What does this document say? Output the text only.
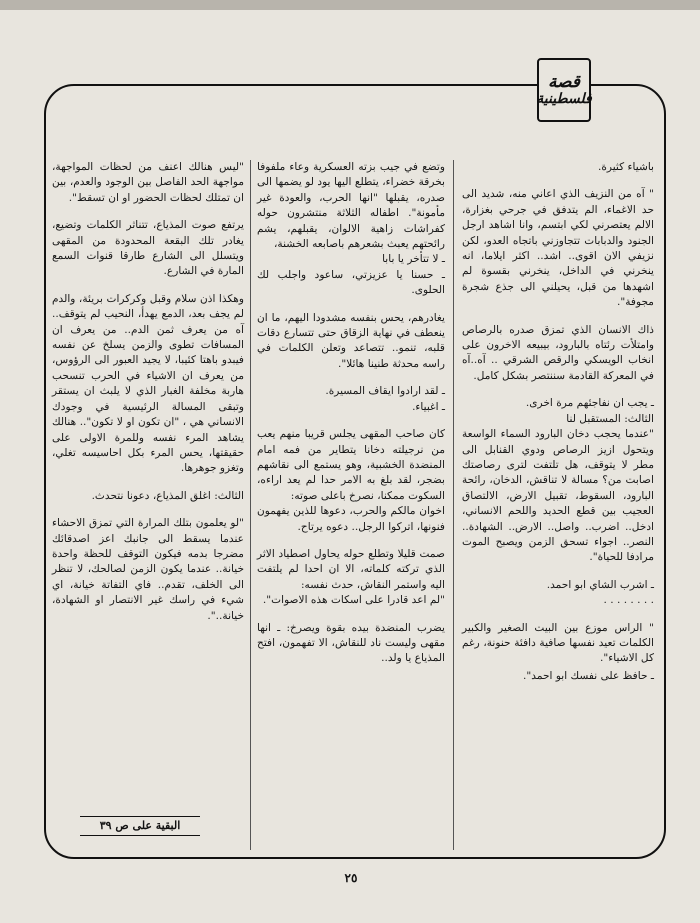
قصة
فلسطينية

باشياء كثيرة.

" آه من النزيف الذي اعاني منه، شديد الى حد الاغماء، الم يتدفق في جرحي بغزارة، الالم يعتصرني لكي ابتسم، وانا اشاهد ارجل الجنود والدبابات تتجاوزني باتجاه العدو، لكن نزيفي الان اقوى.. اشد.. اكثر ايلاما، انه ينخرني في الداخل، ينخرني بقسوة لم اشهدها من قبل، يحيلني الى جذع شجرة مجوفة".

ذاك الانسان الذي تمزق صدره بالرصاص وامتلأت رئتاه بالبارود، بيبيعه الاخرون على انخاب الويسكي والرقص الشرقي .. آه..آه في المعركة القادمة سننتصر بشكل كامل.

ـ يجب ان نفاجئهم مرة اخرى.

الثالث: المستقبل لنا

"عندما يحجب دخان البارود السماء الواسعة ويتحول ازيز الرصاص ودوي القنابل الى مطر لا يتوقف، هل تلتفت لترى رصاصتك اصابت من؟ مسالة لا تناقش، الدخان، رائحة البارود، السقوط، تقبيل الارض، الالتصاق العجيب بين قطع الحديد واللحم الانساني، ادخل.. اضرب.. واصل.. الارض.. الشهادة.. النصر.. اجواء تسحق الزمن ويصبح الموت مرادفا للحياة".

ـ اشرب الشاي ابو احمد.
. . . . . . . .

" الراس موزع بين البيت الصغير والكبير الكلمات تعيد نفسها صافية دافئة حنونة، رغم كل الاشياء".

ـ حافظ على نفسك ابو احمد".

وتضع في جيب بزته العسكرية وعاء ملفوفا بخرقة خضراء، يتطلع اليها يود لو يضمها الى صدره، يقبلها "انها الحرب، والعودة غير مأمونة". اطفاله الثلاثة منتشرون حوله كفراشات زاهية الالوان، يقبلهم، يشم رائحتهم يعبث بشعرهم باصابعه الخشنة،

ـ لا تتأخر يا بابا

ـ حسنا يا عزيزتي، ساعود واجلب لك الحلوى.

يغادرهم، يحس بنفسه مشدودا اليهم، ما ان ينعطف في نهاية الزقاق حتى تتسارع دقات قلبه، تنمو.. تتصاعد وتعلن الكلمات في راسه محدثة طنينا هائلا".

ـ لقد ارادوا ايقاف المسيرة.

ـ اغبياء.

كان صاحب المقهى يجلس قريبا منهم يعب من نرجيلته دخانا يتطاير من فمه امام المنضدة الخشبية، وهو يستمع الى نقاشهم بضجر، لقد بلغ به الامر حدا لم يعد اراءه، السكوت ممكنا، نصرخ باعلى صوته:

اخوان مالكم والحرب، دعوها للذين يفهمون فنونها، اتركوا الرجل.. دعوه يرتاح.

صمت قليلا وتطلع حوله يحاول اصطياد الاثر الذي تركته كلماته، الا ان احدا لم يلتفت اليه واستمر النقاش، حدث نفسه:

"لم اعد قادرا على اسكات هذه الاصوات".

يضرب المنضدة بيده بقوة ويصرخ: ـ انها مقهى وليست ناد للنقاش، الا تفهمون، افتح المذياع يا ولد..

"ليس هنالك اعنف من لحظات المواجهة، مواجهة الحد الفاصل بين الوجود والعدم، بين ان تمتلك لحظات الحضور او ان تسقط".

يرتفع صوت المذياع، تتناثر الكلمات وتضيع، يغادر تلك البقعة المحدودة من المقهى ويتسلل الى الشارع طارقا قنوات السمع المارة في الشارع.

وهكذا اذن سلام وقبل وكركرات بريئة، والدم لم يجف بعد، الدمع يهدأ، النحيب لم يتوقف.. آه من يعرف ثمن الدم.. من يعرف ان المسافات تطوى والزمن يسلخ عن نفسه فيبدو باهتا كئيبا، لا يجيد العبور الى الرؤوس، من يعرف ان الاشياء في الحرب تنسحب هاربة مخلفة الغبار الذي لا يلبث ان يستقر وتبقى المسالة الرئيسية في وجودك الانساني هي ، "ان تكون او لا تكون".. هنالك يشاهد المرء نفسه وللمرة الاولى على حقيقتها، يحس المرء بكل احاسيسه تغلي، وتغزو جوهرها.

الثالث: اغلق المذياع، دعونا نتحدث.

"لو يعلمون بتلك المرارة التي تمزق الاحشاء عندما يسقط الى جانبك اعز اصدقائك مضرجا بدمه فيكون التوقف للحظة واحدة خيانة.. عندما يكون الزمن لصالحك، لا تنظر الى الخلف، تقدم.. فاي التفاتة خيانة، اي شيء في راسك غير الانتصار او الشهادة، خيانة..".

البقية على ص ٣٩
٢٥
